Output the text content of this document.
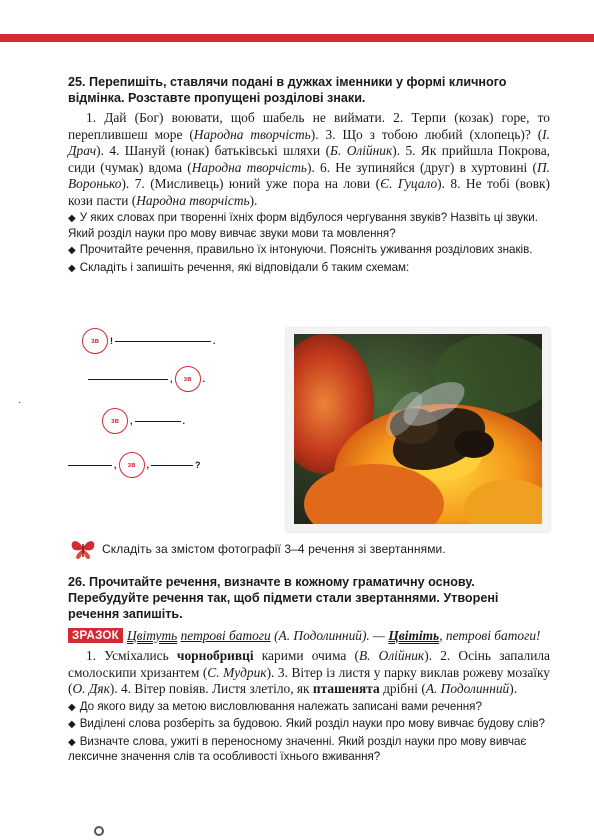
·

25. Перепишіть, ставлячи подані в дужках іменники у формі кличного відмінка. Розставте пропущені розділові знаки.

1. Дай (Бог) воювати, щоб шабель не виймати. 2. Терпи (козак) горе, то переплившеш море (Народна творчість). 3. Що з тобою любий (хлопець)? (І. Драч). 4. Шануй (юнак) батьківські шляхи (Б. Олійник). 5. Як прийшла Покрова, сиди (чумак) вдома (Народна творчість). 6. Не зупиняйся (друг) в хуртовині (П. Воронько). 7. (Мисливець) юний уже пора на лови (Є. Гуцало). 8. Не тобі (вовк) кози пасти (Народна творчість).

◆ У яких словах при творенні їхніх форм відбулося чергування звуків? Назвіть ці звуки. Який розділ науки про мову вивчає звуки мови та мовлення?

◆ Прочитайте речення, правильно їх інтонуючи. Поясніть уживання розділових знаків.

◆ Складіть і запишіть речення, які відповідали б таким схемам:

зв	!	.
,	зв	.
зв	,	.
,	зв	,	?
Складіть за змістом фотографії 3–4 речення зі звертаннями.

26. Прочитайте речення, визначте в кожному граматичну основу. Перебудуйте речення так, щоб підмети стали звертаннями. Утворені речення запишіть.

ЗРАЗОК Цвітуть петрові батоги (А. Подолинний). — Цвітіть, петрові батоги!

1. Усміхались чорнобривці карими очима (В. Олійник). 2. Осінь запалила смолоскипи хризантем (С. Мудрик). 3. Вітер із листя у парку виклав рожеву мозаїку (О. Дяк). 4. Вітер повіяв. Листя злетіло, як пташенята дрібні (А. Подолинний).

◆ До якого виду за метою висловлювання належать записані вами речення?

◆ Виділені слова розберіть за будовою. Який розділ науки про мову вивчає будову слів?

◆ Визначте слова, ужиті в переносному значенні. Який розділ науки про мову вивчає лексичне значення слів та особливості їхнього вживання?
